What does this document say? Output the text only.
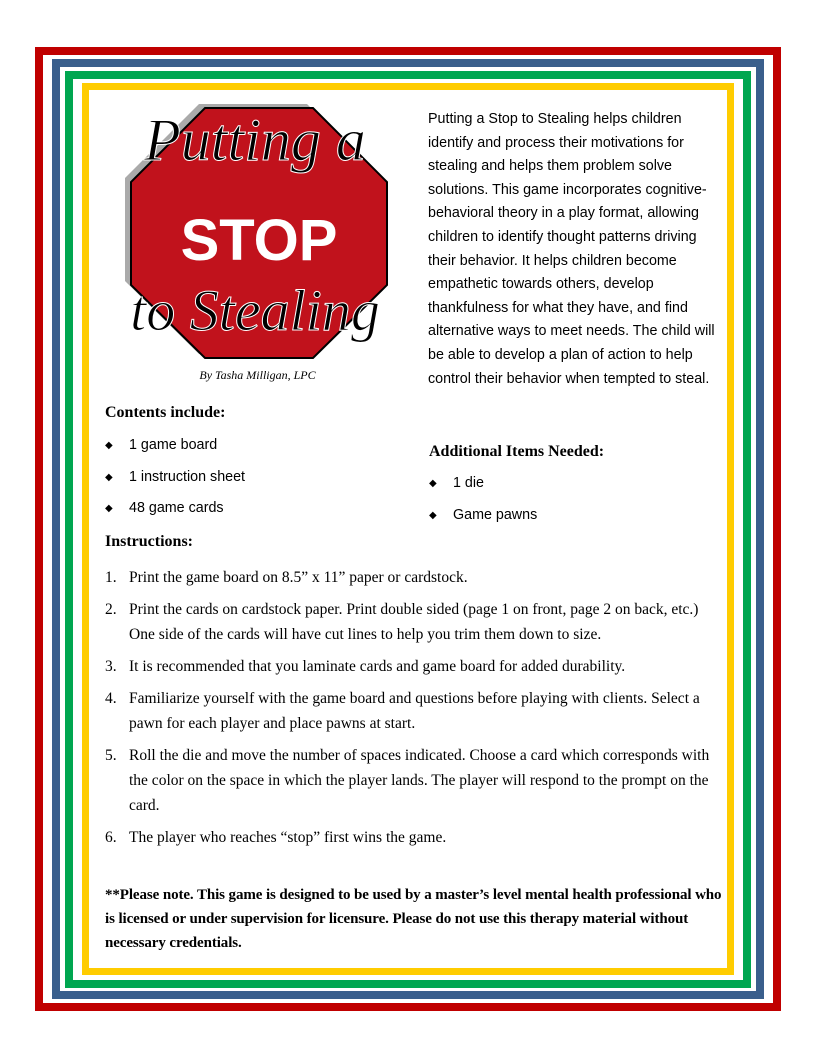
STOP
Putting a
to Stealing
By Tasha Milligan, LPC
Putting a Stop to Stealing helps children identify and process their motivations for stealing and helps them problem solve solutions. This game incorporates cognitive-behavioral theory in a play format, allowing children to identify thought patterns driving their behavior. It helps children become empathetic towards others, develop thankfulness for what they have, and find alternative ways to meet needs. The child will be able to develop a plan of action to help control their behavior when tempted to steal.
Contents include:
◆	1 game board
◆	1 instruction sheet
◆	48 game cards
Additional Items Needed:
◆	1 die
◆	Game pawns
Instructions:
1. Print the game board on 8.5” x 11” paper or cardstock.
2. Print the cards on cardstock paper. Print double sided (page 1 on front, page 2 on back, etc.) One side of the cards will have cut lines to help you trim them down to size.
3. It is recommended that you laminate cards and game board for added durability.
4. Familiarize yourself with the game board and questions before playing with clients. Select a pawn for each player and place pawns at start.
5. Roll the die and move the number of spaces indicated. Choose a card which corresponds with the color on the space in which the player lands. The player will respond to the prompt on the card.
6. The player who reaches “stop” first wins the game.
**Please note. This game is designed to be used by a master’s level mental health professional who is licensed or under supervision for licensure. Please do not use this therapy material without necessary credentials.
